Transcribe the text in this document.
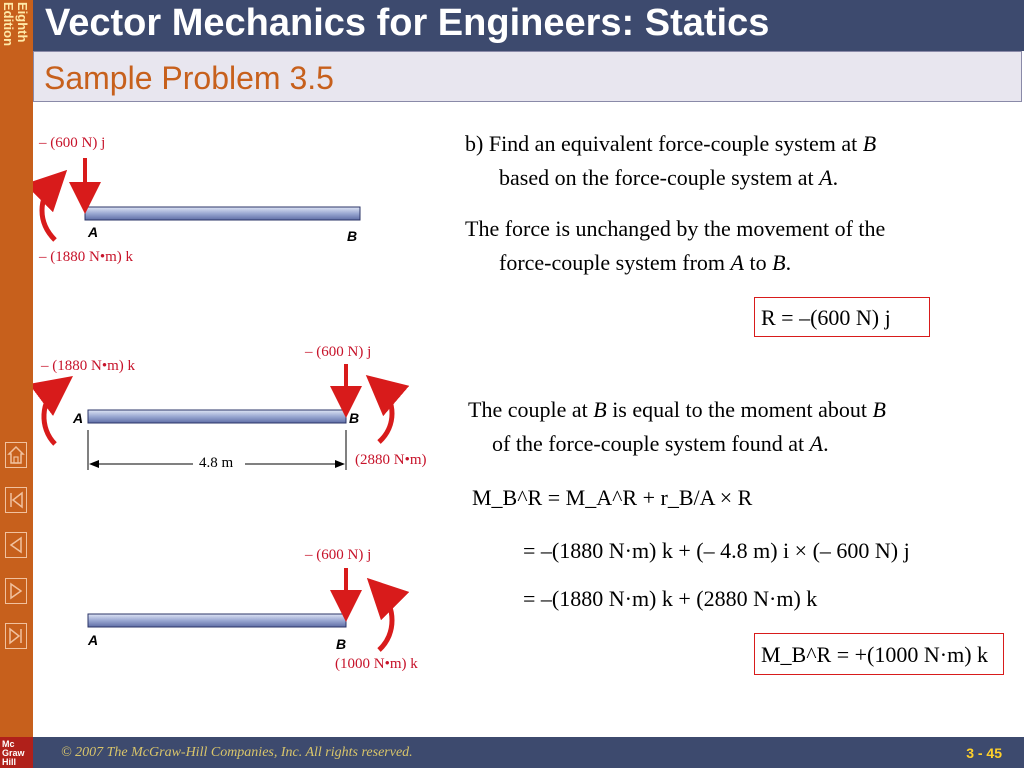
Eighth
Edition
Mc
Graw
Hill
Vector Mechanics for Engineers: Statics
Sample Problem 3.5
– (600 N) j
– (1880 N•m) k
A	B
– (1880 N•m) k
– (600 N) j
(2880 N•m)
A	B
4.8 m
– (600 N) j
(1000 N•m) k
A	B
b) Find an equivalent force-couple system at B
based on the force-couple system at A.
The force is unchanged by the movement of the
force-couple system from A to B.
R = –(600 N) j
The couple at B is equal to the moment about B
of the force-couple system found at A.
M_B^R = M_A^R + r_B/A × R
= –(1880 N·m) k + (– 4.8 m) i × (– 600 N) j
= –(1880 N·m) k + (2880 N·m) k
M_B^R = +(1000 N·m) k
© 2007 The McGraw-Hill Companies, Inc. All rights reserved.	3 - 45
